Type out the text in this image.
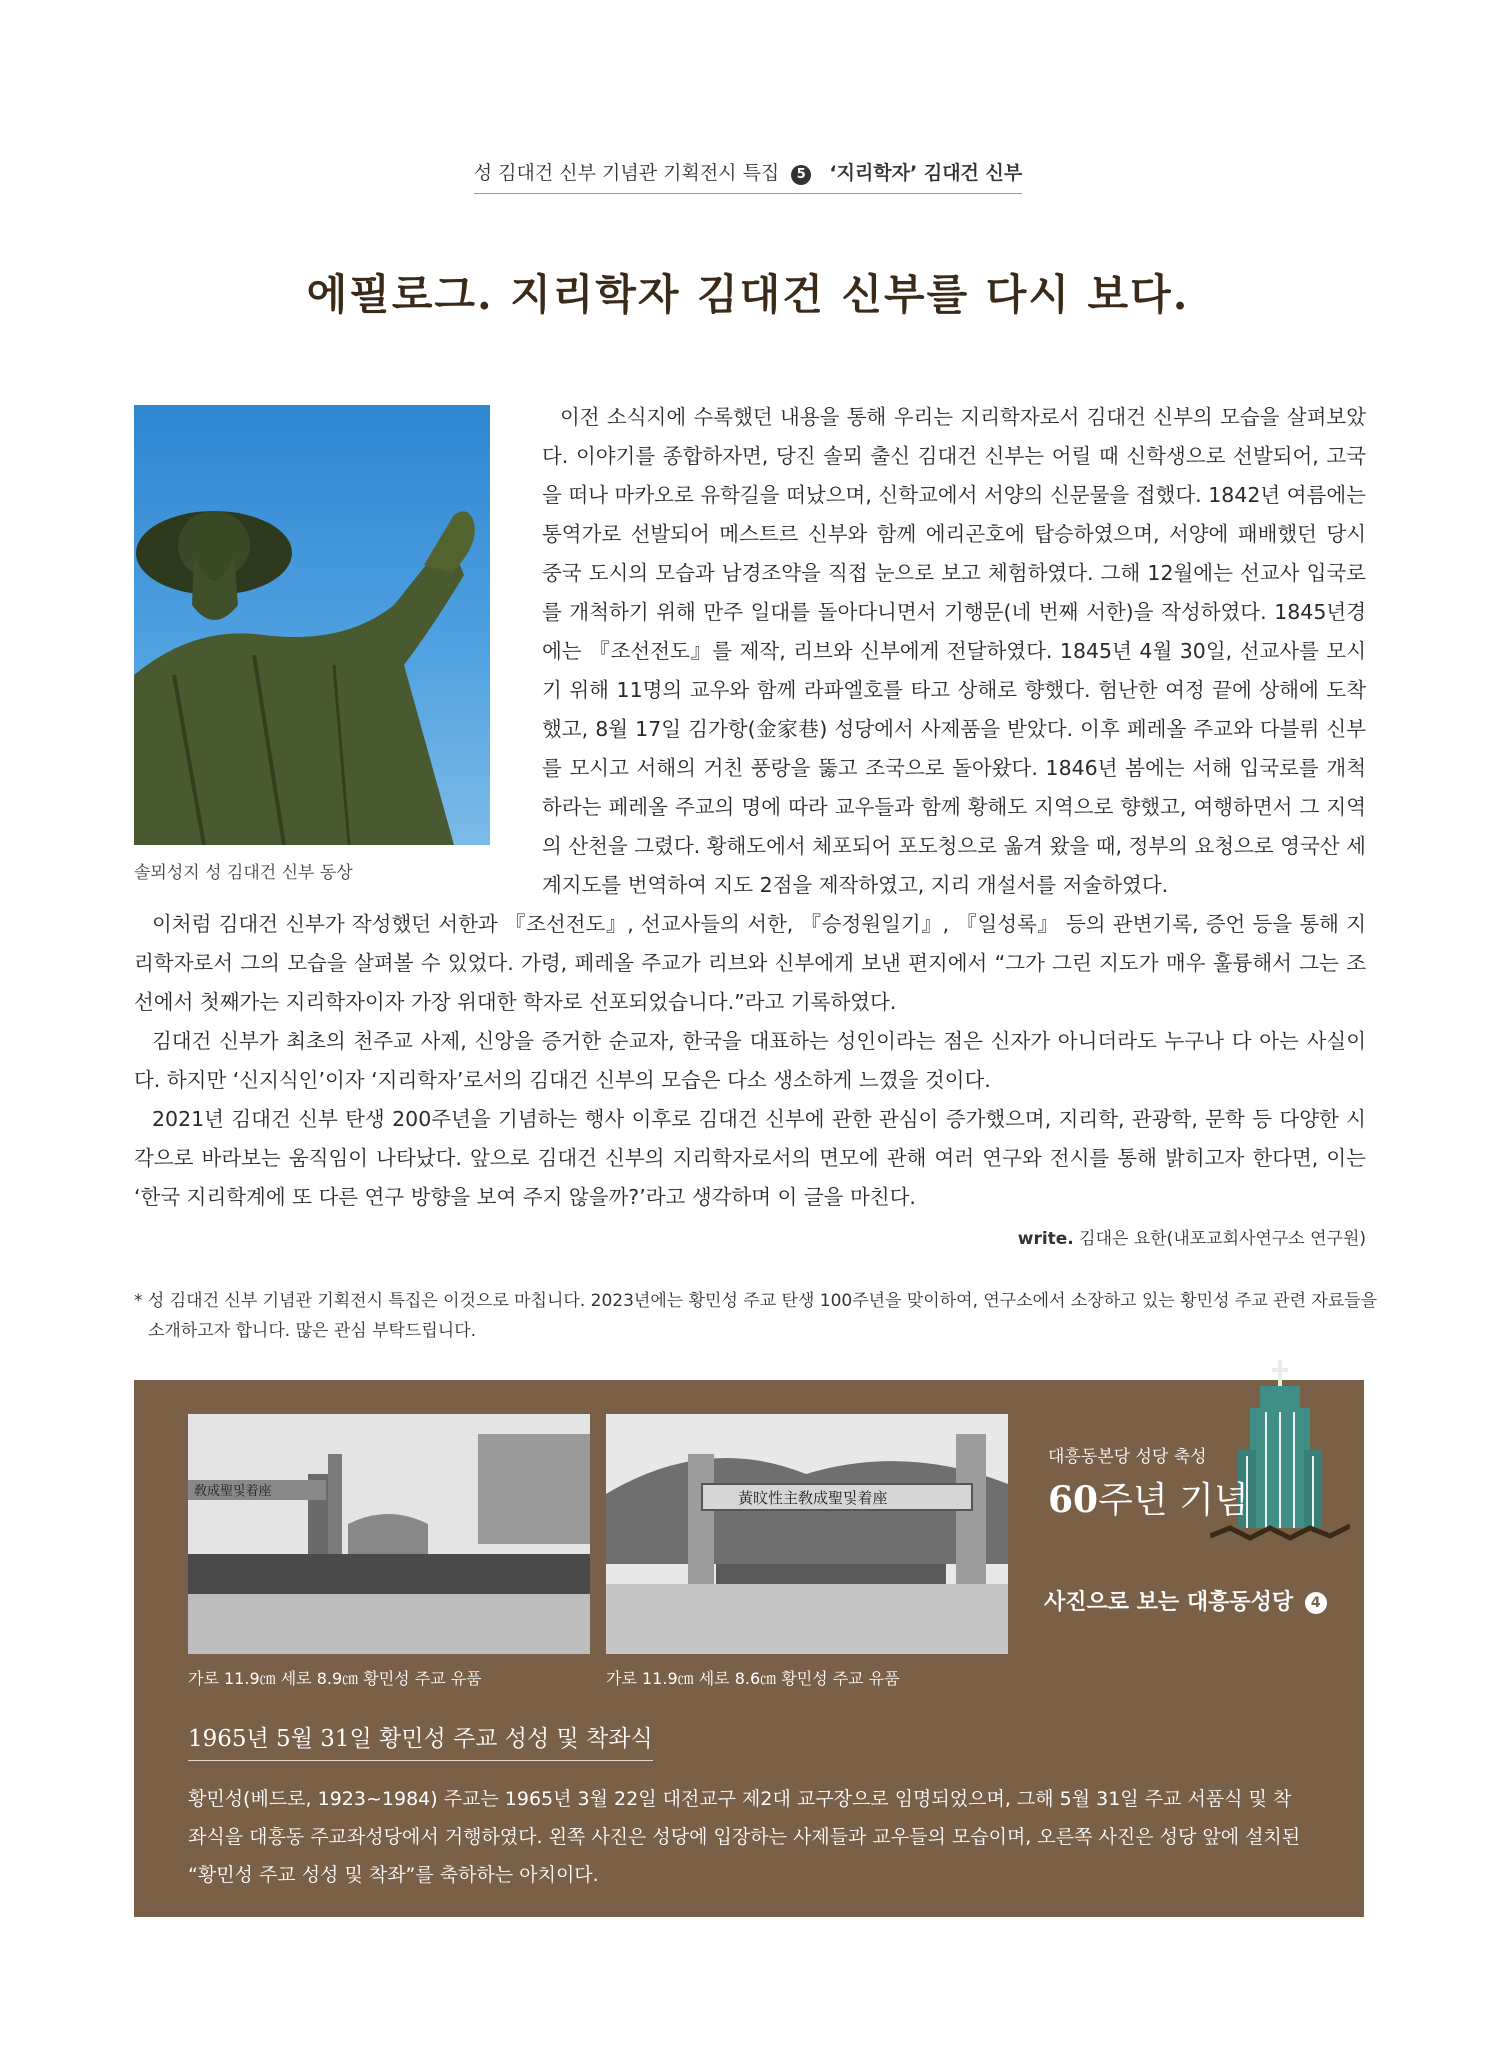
성 김대건 신부 기념관 기획전시 특집 5 ‘지리학자’ 김대건 신부
에필로그. 지리학자 김대건 신부를 다시 보다.
솔뫼성지 성 김대건 신부 동상

이전 소식지에 수록했던 내용을 통해 우리는 지리학자로서 김대건 신부의 모습을 살펴보았다. 이야기를 종합하자면, 당진 솔뫼 출신 김대건 신부는 어릴 때 신학생으로 선발되어, 고국을 떠나 마카오로 유학길을 떠났으며, 신학교에서 서양의 신문물을 접했다. 1842년 여름에는 통역가로 선발되어 메스트르 신부와 함께 에리곤호에 탑승하였으며, 서양에 패배했던 당시 중국 도시의 모습과 남경조약을 직접 눈으로 보고 체험하였다. 그해 12월에는 선교사 입국로를 개척하기 위해 만주 일대를 돌아다니면서 기행문(네 번째 서한)을 작성하였다. 1845년경에는 『조선전도』를 제작, 리브와 신부에게 전달하였다. 1845년 4월 30일, 선교사를 모시기 위해 11명의 교우와 함께 라파엘호를 타고 상해로 향했다. 험난한 여정 끝에 상해에 도착했고, 8월 17일 김가항(金家巷) 성당에서 사제품을 받았다. 이후 페레올 주교와 다블뤼 신부를 모시고 서해의 거친 풍랑을 뚫고 조국으로 돌아왔다. 1846년 봄에는 서해 입국로를 개척하라는 페레올 주교의 명에 따라 교우들과 함께 황해도 지역으로 향했고, 여행하면서 그 지역의 산천을 그렸다. 황해도에서 체포되어 포도청으로 옮겨 왔을 때, 정부의 요청으로 영국산 세계지도를 번역하여 지도 2점을 제작하였고, 지리 개설서를 저술하였다.

이처럼 김대건 신부가 작성했던 서한과 『조선전도』, 선교사들의 서한, 『승정원일기』, 『일성록』 등의 관변기록, 증언 등을 통해 지리학자로서 그의 모습을 살펴볼 수 있었다. 가령, 페레올 주교가 리브와 신부에게 보낸 편지에서 “그가 그린 지도가 매우 훌륭해서 그는 조선에서 첫째가는 지리학자이자 가장 위대한 학자로 선포되었습니다.”라고 기록하였다.

김대건 신부가 최초의 천주교 사제, 신앙을 증거한 순교자, 한국을 대표하는 성인이라는 점은 신자가 아니더라도 누구나 다 아는 사실이다. 하지만 ‘신지식인’이자 ‘지리학자’로서의 김대건 신부의 모습은 다소 생소하게 느꼈을 것이다.

2021년 김대건 신부 탄생 200주년을 기념하는 행사 이후로 김대건 신부에 관한 관심이 증가했으며, 지리학, 관광학, 문학 등 다양한 시각으로 바라보는 움직임이 나타났다. 앞으로 김대건 신부의 지리학자로서의 면모에 관해 여러 연구와 전시를 통해 밝히고자 한다면, 이는 ‘한국 지리학계에 또 다른 연구 방향을 보여 주지 않을까?’라고 생각하며 이 글을 마친다.

write. 김대은 요한(내포교회사연구소 연구원)
* 성 김대건 신부 기념관 기획전시 특집은 이것으로 마칩니다. 2023년에는 황민성 주교 탄생 100주년을 맞이하여, 연구소에서 소장하고 있는 황민성 주교 관련 자료들을 소개하고자 합니다. 많은 관심 부탁드립니다.
敎成聖및着座	黃旼性主敎成聖및着座
가로 11.9㎝ 세로 8.9㎝ 황민성 주교 유품	가로 11.9㎝ 세로 8.6㎝ 황민성 주교 유품
대흥동본당 성당 축성
60주년 기념
사진으로 보는 대흥동성당 4
1965년 5월 31일 황민성 주교 성성 및 착좌식
황민성(베드로, 1923~1984) 주교는 1965년 3월 22일 대전교구 제2대 교구장으로 임명되었으며, 그해 5월 31일 주교 서품식 및 착좌식을 대흥동 주교좌성당에서 거행하였다. 왼쪽 사진은 성당에 입장하는 사제들과 교우들의 모습이며, 오른쪽 사진은 성당 앞에 설치된 “황민성 주교 성성 및 착좌”를 축하하는 아치이다.
